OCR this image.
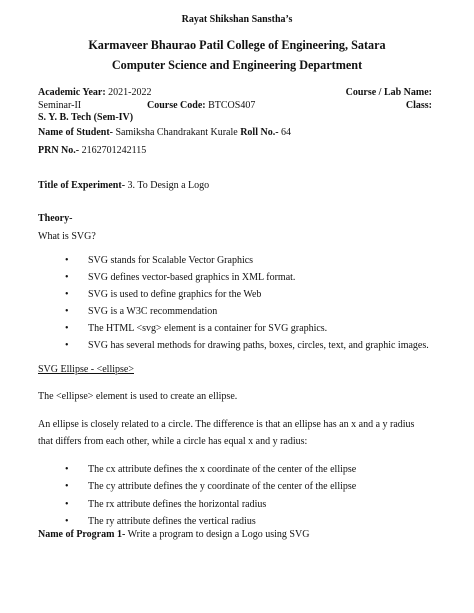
Rayat Shikshan Sanstha’s
Karmaveer Bhaurao Patil College of Engineering, Satara
Computer Science and Engineering Department
Academic Year: 2021-2022	Course / Lab Name:
Seminar-II	Course Code: BTCOS407	Class:
S. Y. B. Tech (Sem-IV)
Name of Student- Samiksha Chandrakant Kurale Roll No.- 64
PRN No.- 2162701242115
Title of Experiment- 3. To Design a Logo
Theory-
What is SVG?
• SVG stands for Scalable Vector Graphics
• SVG defines vector-based graphics in XML format.
• SVG is used to define graphics for the Web
• SVG is a W3C recommendation
• The HTML <svg> element is a container for SVG graphics.
• SVG has several methods for drawing paths, boxes, circles, text, and graphic images.
SVG Ellipse - <ellipse>
The <ellipse> element is used to create an ellipse.
An ellipse is closely related to a circle. The difference is that an ellipse has an x and a y radius
that differs from each other, while a circle has equal x and y radius:
• The cx attribute defines the x coordinate of the center of the ellipse
• The cy attribute defines the y coordinate of the center of the ellipse
• The rx attribute defines the horizontal radius
• The ry attribute defines the vertical radius
Name of Program 1- Write a program to design a Logo using SVG
